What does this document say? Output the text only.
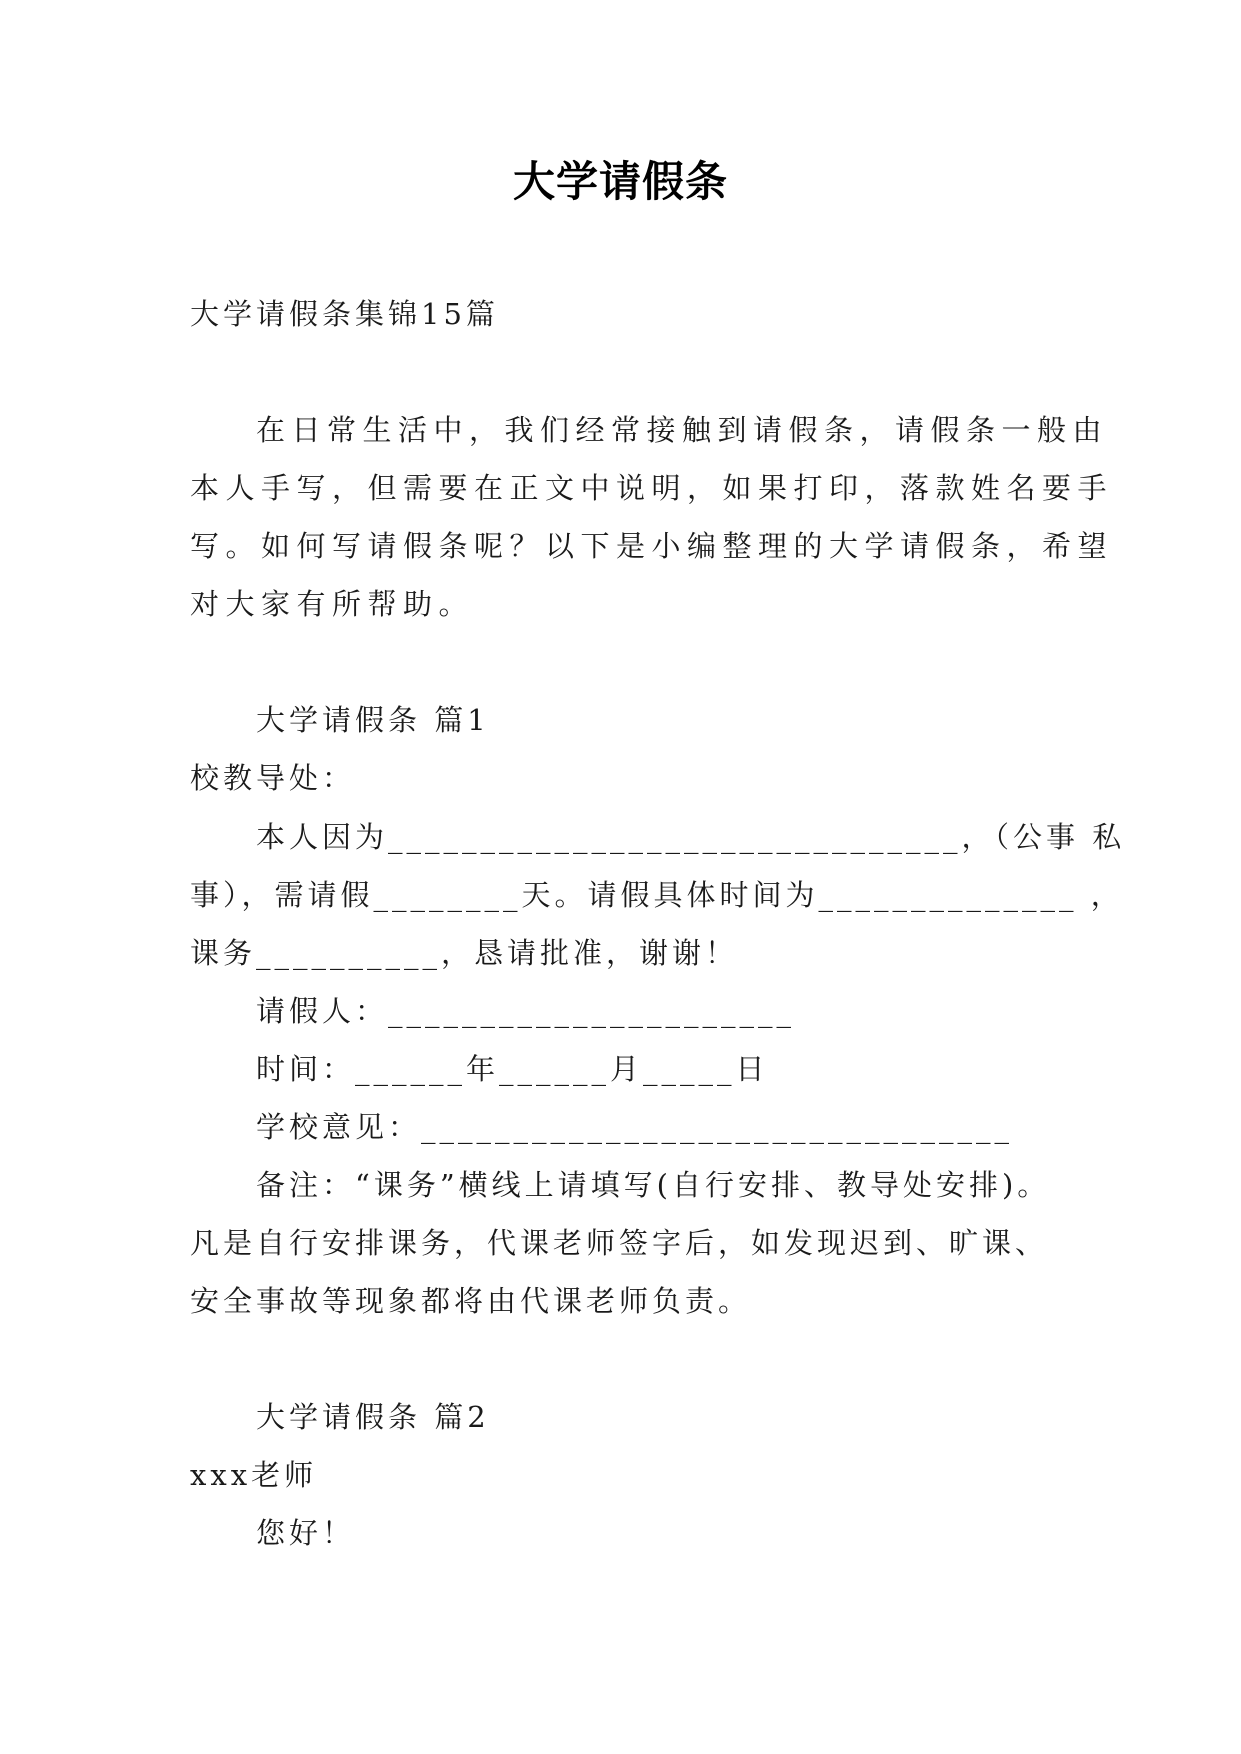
大学请假条
大学请假条集锦15篇
在日常生活中，我们经常接触到请假条，请假条一般由
本人手写，但需要在正文中说明，如果打印，落款姓名要手
写。如何写请假条呢？以下是小编整理的大学请假条，希望
对大家有所帮助。
大学请假条 篇1
校教导处：
本人因为_______________________________，（公事 私
事），需请假________天。请假具体时间为______________ ，
课务__________，恳请批准，谢谢！
请假人：______________________
时间：______年______月_____日
学校意见：________________________________
备注：“课务”横线上请填写(自行安排、教导处安排)。
凡是自行安排课务，代课老师签字后，如发现迟到、旷课、
安全事故等现象都将由代课老师负责。
大学请假条 篇2
xxx老师
您好！
